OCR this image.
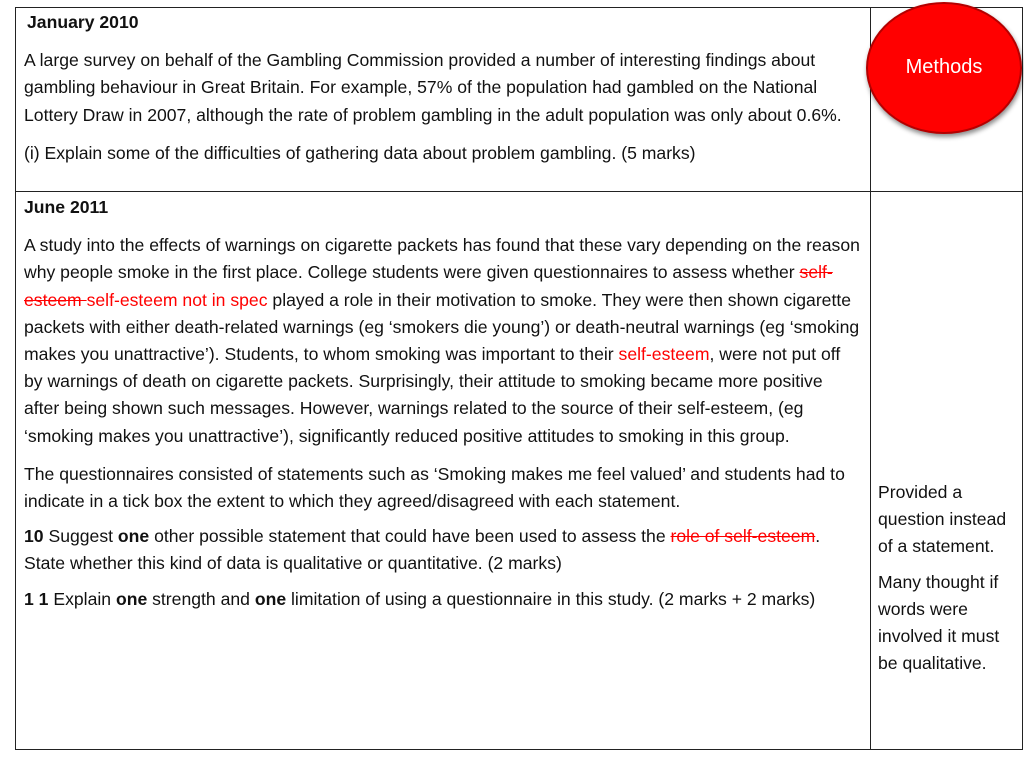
January 2010

A large survey on behalf of the Gambling Commission provided a number of interesting findings about gambling behaviour in Great Britain. For example, 57% of the population had gambled on the National Lottery Draw in 2007, although the rate of problem gambling in the adult population was only about 0.6%.

(i) Explain some of the difficulties of gathering data about problem gambling. (5 marks)

Methods

June 2011

A study into the effects of warnings on cigarette packets has found that these vary depending on the reason why people smoke in the first place. College students were given questionnaires to assess whether self-esteem self-esteem not in spec played a role in their motivation to smoke. They were then shown cigarette packets with either death-related warnings (eg ‘smokers die young’) or death-neutral warnings (eg ‘smoking makes you unattractive’). Students, to whom smoking was important to their self-esteem, were not put off by warnings of death on cigarette packets. Surprisingly, their attitude to smoking became more positive after being shown such messages. However, warnings related to the source of their self-esteem, (eg ‘smoking makes you unattractive’), significantly reduced positive attitudes to smoking in this group.

The questionnaires consisted of statements such as ‘Smoking makes me feel valued’ and students had to indicate in a tick box the extent to which they agreed/disagreed with each statement.

10 Suggest one other possible statement that could have been used to assess the role of self-esteem. State whether this kind of data is qualitative or quantitative. (2 marks)

1 1 Explain one strength and one limitation of using a questionnaire in this study. (2 marks + 2 marks)

Provided a question instead of a statement.

Many thought if words were involved it must be qualitative.
